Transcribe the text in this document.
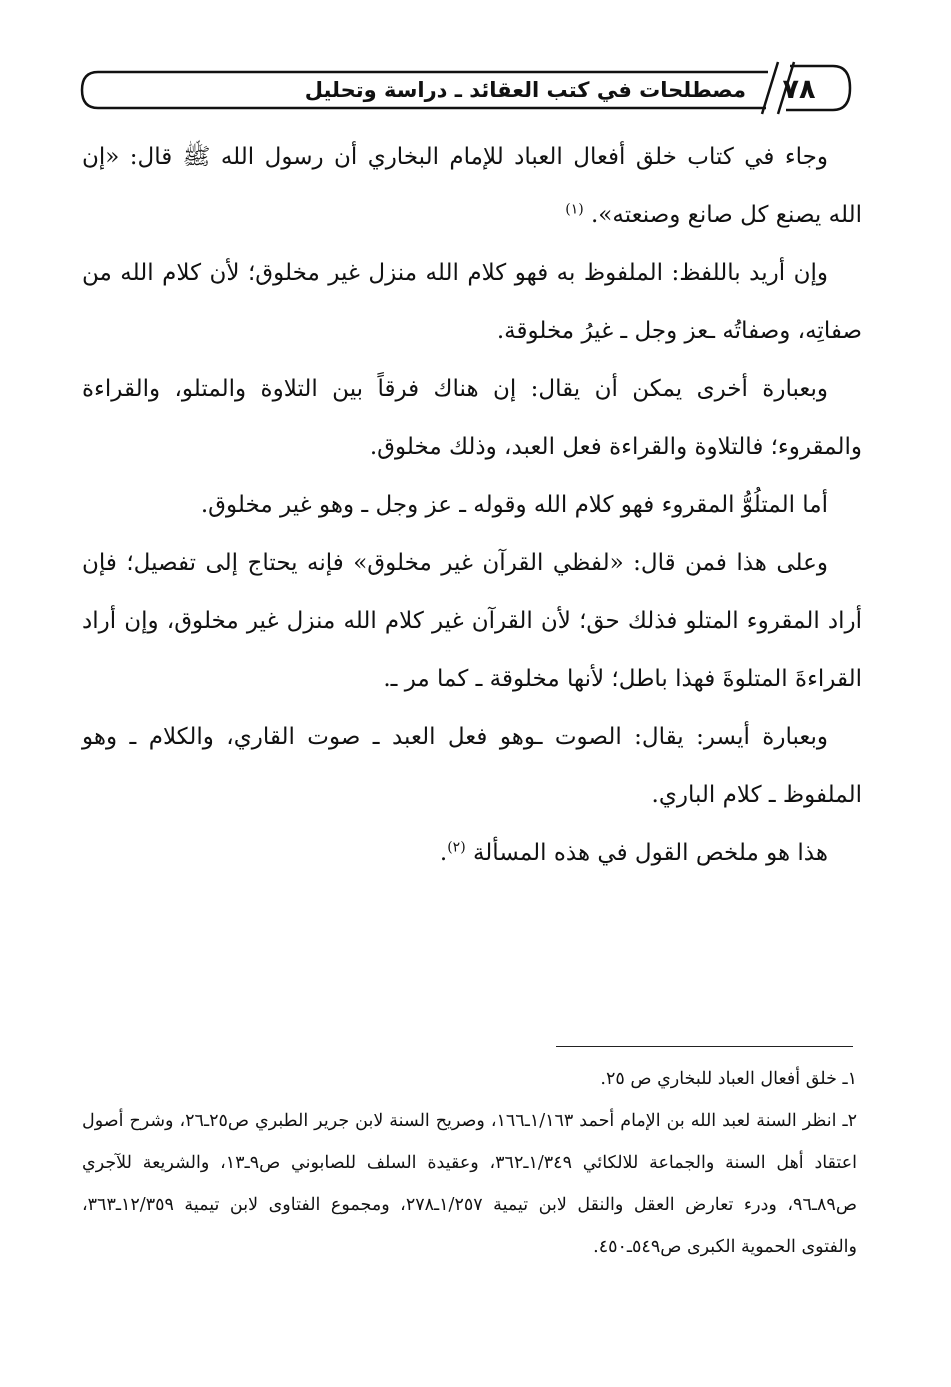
مصطلحات في كتب العقائد ـ دراسة وتحليل	٧٨

وجاء في كتاب خلق أفعال العباد للإمام البخاري أن رسول الله ﷺ قال: «إن الله يصنع كل صانع وصنعته». $^{(١)}$

وإن أريد باللفظ: الملفوظ به فهو كلام الله منزل غير مخلوق؛ لأن كلام الله من صفاتِه، وصفاتُه ـعز وجل ـ غيرُ مخلوقة.

وبعبارة أخرى يمكن أن يقال: إن هناك فرقاً بين التلاوة والمتلو، والقراءة والمقروء؛ فالتلاوة والقراءة فعل العبد، وذلك مخلوق.

أما المتلُوُّ المقروء فهو كلام الله وقوله ـ عز وجل ـ وهو غير مخلوق.

وعلى هذا فمن قال: «لفظي القرآن غير مخلوق» فإنه يحتاج إلى تفصيل؛ فإن أراد المقروء المتلو فذلك حق؛ لأن القرآن غير كلام الله منزل غير مخلوق، وإن أراد القراءةَ المتلوةَ فهذا باطل؛ لأنها مخلوقة ـ كما مر ـ.

وبعبارة أيسر: يقال: الصوت ـوهو فعل العبد ـ صوت القاري، والكلام ـ وهو الملفوظ ـ كلام الباري.

هذا هو ملخص القول في هذه المسألة $^{(٢)}$.

١ـ خلق أفعال العباد للبخاري ص ٢٥.

٢ـ انظر السنة لعبد الله بن الإمام أحمد ١/١٦٣ـ١٦٦، وصريح السنة لابن جرير الطبري ص٢٥ـ٢٦، وشرح أصول اعتقاد أهل السنة والجماعة للالكائي ١/٣٤٩ـ٣٦٢، وعقيدة السلف للصابوني ص٩ـ١٣، والشريعة للآجري ص٨٩ـ٩٦، ودرء تعارض العقل والنقل لابن تيمية ١/٢٥٧ـ٢٧٨، ومجموع الفتاوى لابن تيمية ١٢/٣٥٩ـ٣٦٣، والفتوى الحموية الكبرى ص٥٤٩ـ٤٥٠.
